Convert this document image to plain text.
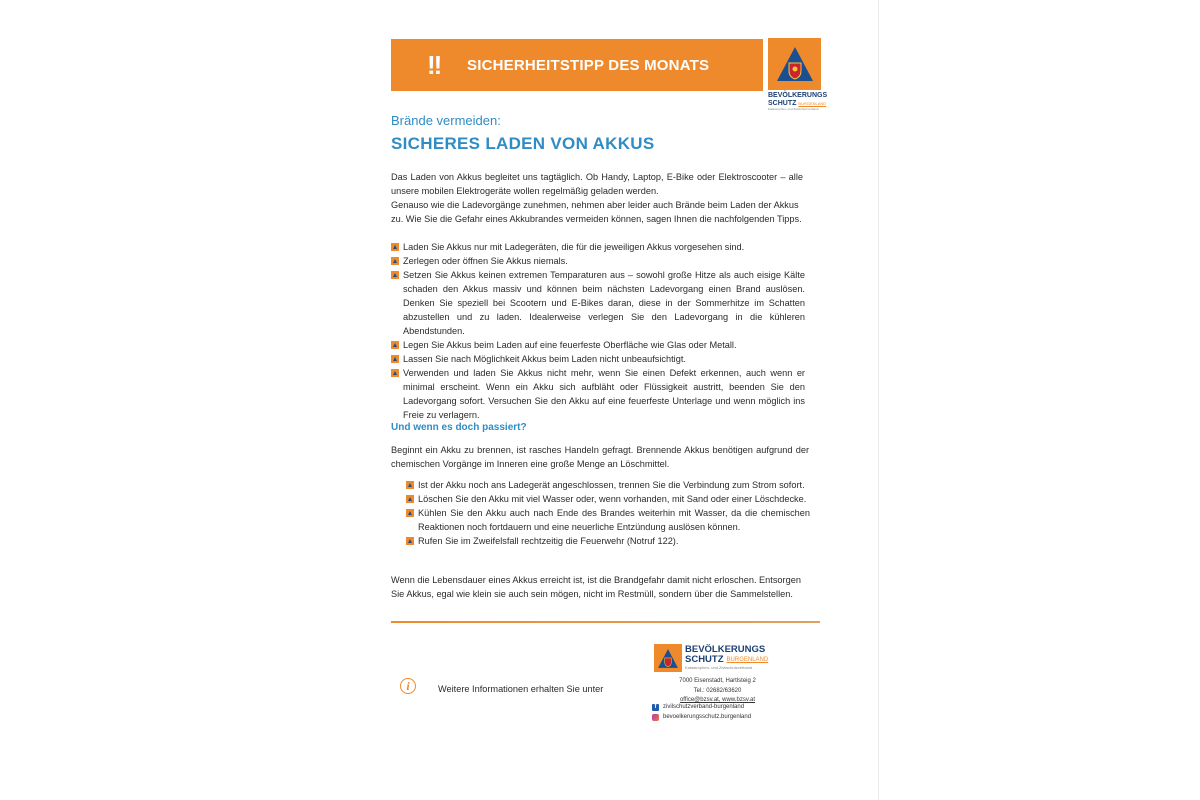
!!	SICHERHEITSTIPP DES MONATS
BEVÖLKERUNGS
SCHUTZ BURGENLAND
Katastrophen- und Zivilschutzverband
Brände vermeiden:
SICHERES LADEN VON AKKUS
Das Laden von Akkus begleitet uns tagtäglich. Ob Handy, Laptop, E-Bike oder Elektroscooter – alle unsere mobilen Elektrogeräte wollen regelmäßig geladen werden.
Genauso wie die Ladevorgänge zunehmen, nehmen aber leider auch Brände beim Laden der Akkus zu. Wie Sie die Gefahr eines Akkubrandes vermeiden können, sagen Ihnen die nachfolgenden Tipps.
Laden Sie Akkus nur mit Ladegeräten, die für die jeweiligen Akkus vorgesehen sind.
Zerlegen oder öffnen Sie Akkus niemals.
Setzen Sie Akkus keinen extremen Temparaturen aus – sowohl große Hitze als auch eisige Kälte schaden den Akkus massiv und können beim nächsten Ladevorgang einen Brand auslösen. Denken Sie speziell bei Scootern und E-Bikes daran, diese in der Sommerhitze im Schatten abzustellen und zu laden. Idealerweise verlegen Sie den Ladevorgang in die kühleren Abendstunden.
Legen Sie Akkus beim Laden auf eine feuerfeste Oberfläche wie Glas oder Metall.
Lassen Sie nach Möglichkeit Akkus beim Laden nicht unbeaufsichtigt.
Verwenden und laden Sie Akkus nicht mehr, wenn Sie einen Defekt erkennen, auch wenn er minimal erscheint. Wenn ein Akku sich aufbläht oder Flüssigkeit austritt, beenden Sie den Ladevorgang sofort. Versuchen Sie den Akku auf eine feuerfeste Unterlage und wenn möglich ins Freie zu verlagern.
Und wenn es doch passiert?
Beginnt ein Akku zu brennen, ist rasches Handeln gefragt. Brennende Akkus benötigen aufgrund der chemischen Vorgänge im Inneren eine große Menge an Löschmittel.
Ist der Akku noch ans Ladegerät angeschlossen, trennen Sie die Verbindung zum Strom sofort.
Löschen Sie den Akku mit viel Wasser oder, wenn vorhanden, mit Sand oder einer Löschdecke.
Kühlen Sie den Akku auch nach Ende des Brandes weiterhin mit Wasser, da die chemischen Reaktionen noch fortdauern und eine neuerliche Entzündung auslösen können.
Rufen Sie im Zweifelsfall rechtzeitig die Feuerwehr (Notruf 122).
Wenn die Lebensdauer eines Akkus erreicht ist, ist die Brandgefahr damit nicht erloschen. Entsorgen Sie Akkus, egal wie klein sie auch sein mögen, nicht im Restmüll, sondern über die Sammelstellen.
i	Weitere Informationen erhalten Sie unter
BEVÖLKERUNGS
SCHUTZ BURGENLAND
Katastrophen- und Zivilschutzverband
7000 Eisenstadt, Hartlsteig 2
Tel.: 02682/63620
office@bzsv.at, www.bzsv.at
f	zivilschutzverband-burgenland
bevoelkerungsschutz.burgenland
